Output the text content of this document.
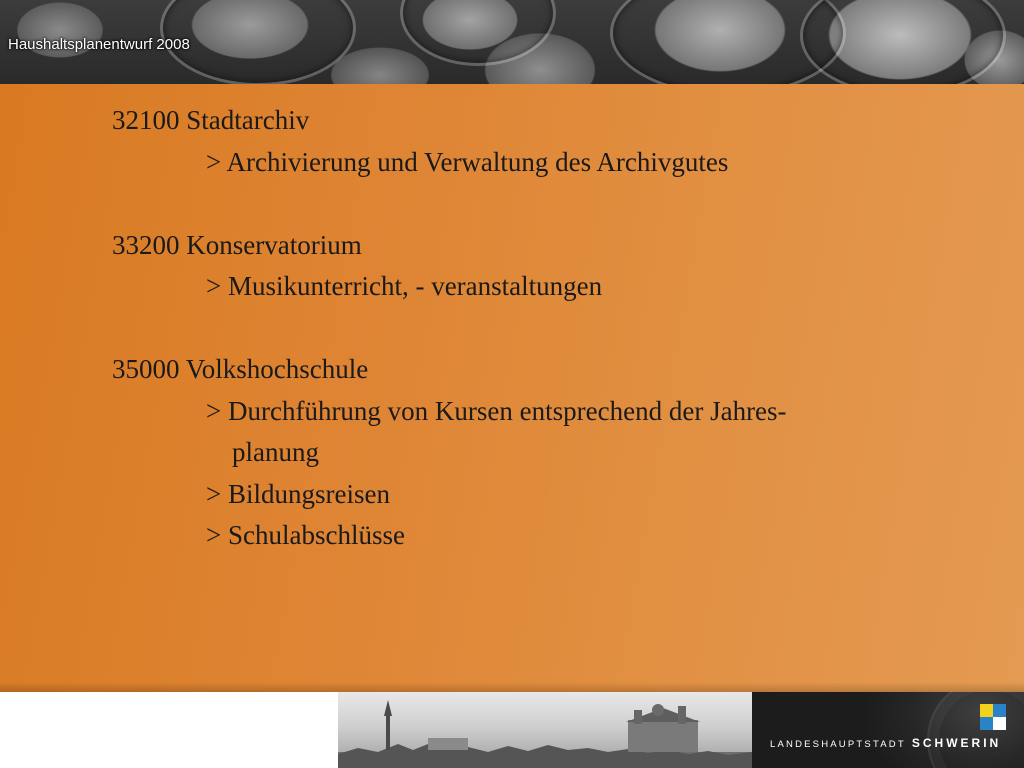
Haushaltsplanentwurf 2008
32100 Stadtarchiv
> Archivierung und Verwaltung des Archivgutes
33200 Konservatorium
> Musikunterricht, - veranstaltungen
35000 Volkshochschule
> Durchführung von Kursen entsprechend der Jahres-
planung
> Bildungsreisen
> Schulabschlüsse
LANDESHAUPTSTADT SCHWERIN
